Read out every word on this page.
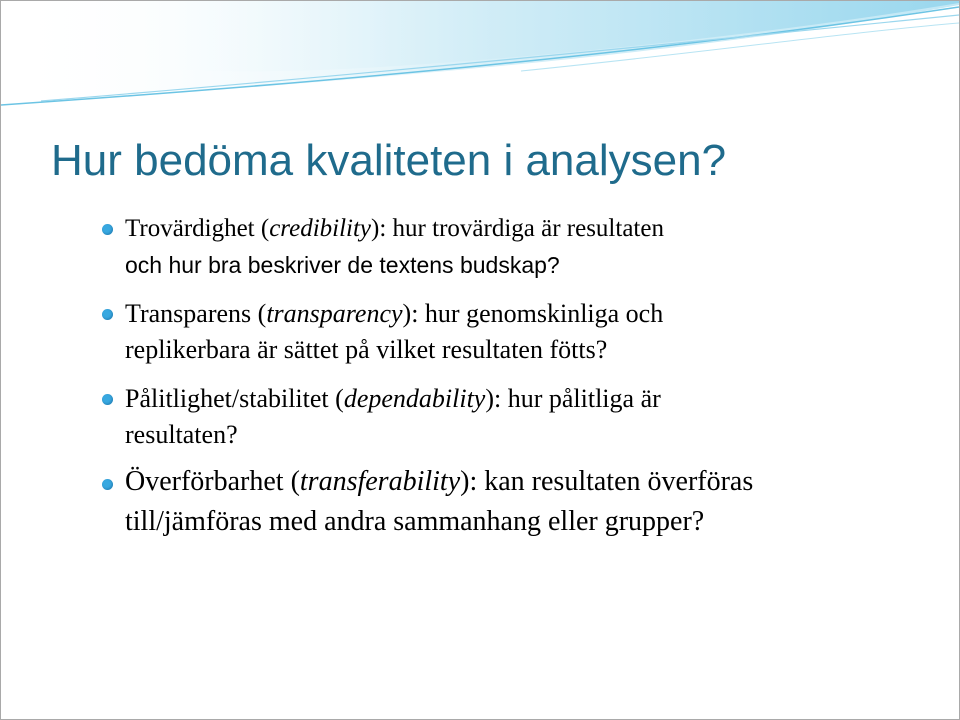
Hur bedöma kvaliteten i analysen?
Trovärdighet (credibility): hur trovärdiga är resultaten
och hur bra beskriver de textens budskap?
Transparens (transparency): hur genomskinliga och
replikerbara är sättet på vilket resultaten fötts?
Pålitlighet/stabilitet (dependability): hur pålitliga är
resultaten?
Överförbarhet (transferability): kan resultaten överföras
till/jämföras med andra sammanhang eller grupper?
